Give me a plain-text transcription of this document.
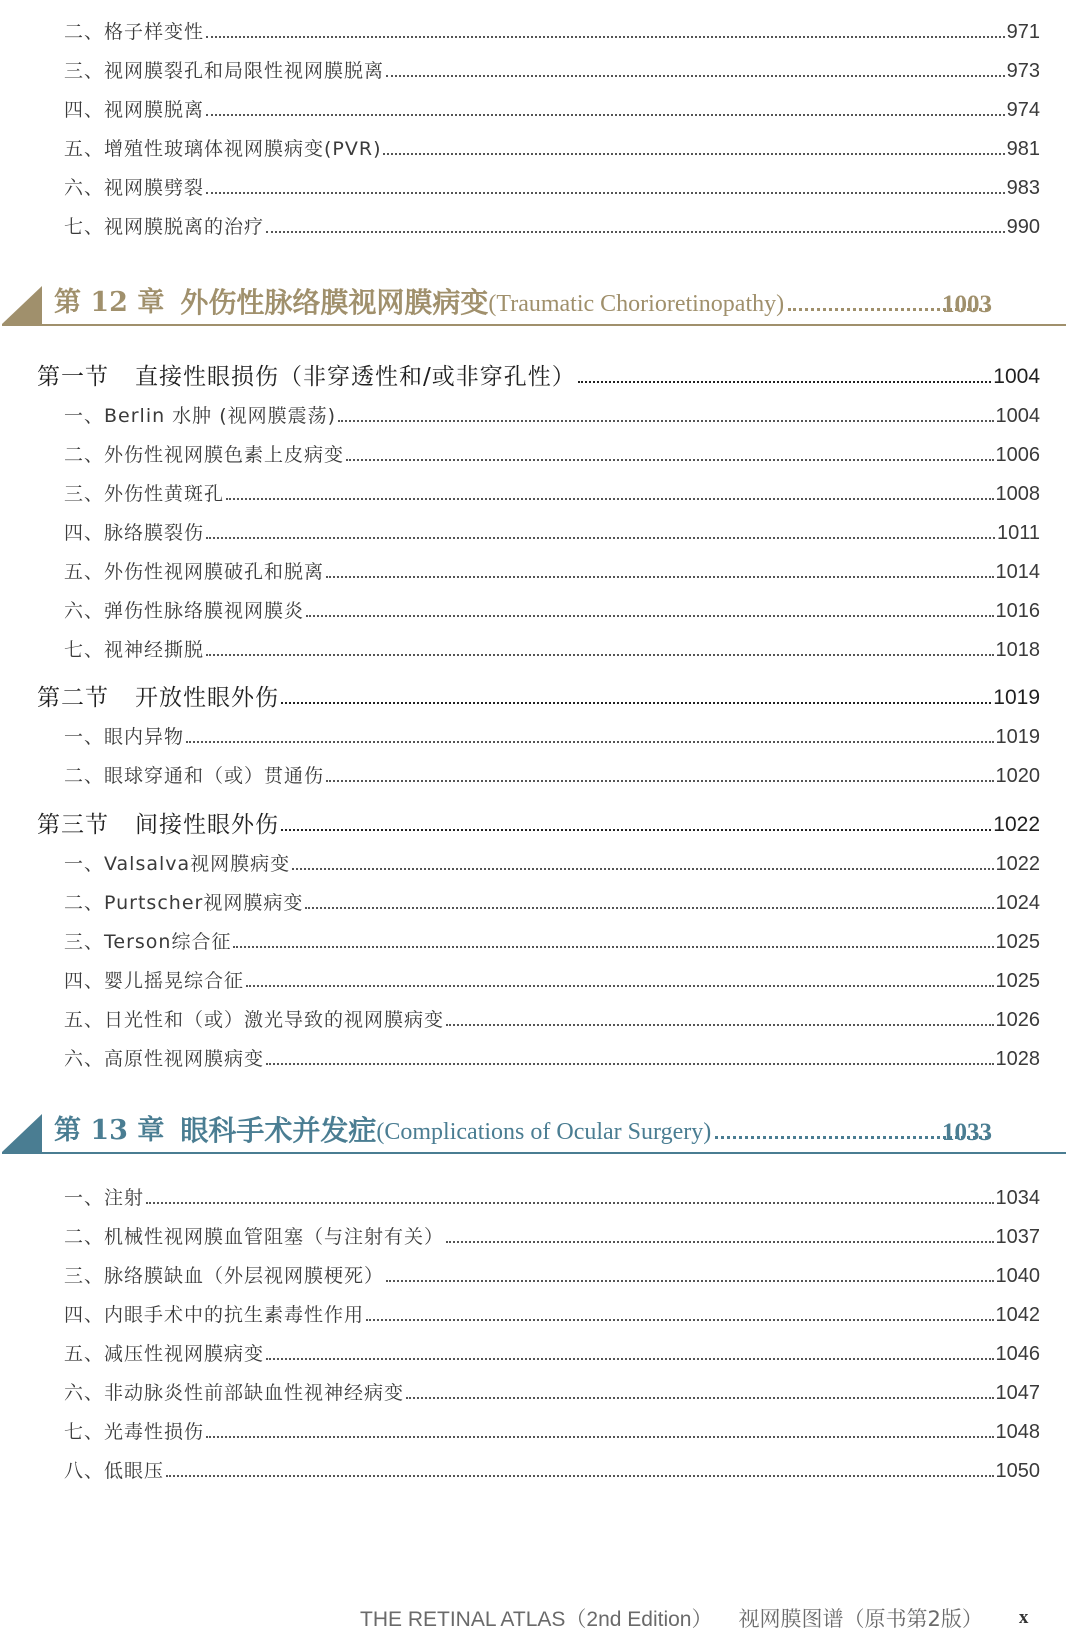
二、格子样变性	971
三、视网膜裂孔和局限性视网膜脱离	973
四、视网膜脱离	974
五、增殖性玻璃体视网膜病变(PVR)	981
六、视网膜劈裂	983
七、视网膜脱离的治疗	990
第 12 章 外伤性脉络膜视网膜病变 (Traumatic Chorioretinopathy)	1003
第一节 直接性眼损伤（非穿透性和/或非穿孔性）	1004
一、Berlin 水肿 (视网膜震荡)	1004
二、外伤性视网膜色素上皮病变	1006
三、外伤性黄斑孔	1008
四、脉络膜裂伤	1011
五、外伤性视网膜破孔和脱离	1014
六、弹伤性脉络膜视网膜炎	1016
七、视神经撕脱	1018
第二节 开放性眼外伤	1019
一、眼内异物	1019
二、眼球穿通和（或）贯通伤	1020
第三节 间接性眼外伤	1022
一、Valsalva视网膜病变	1022
二、Purtscher视网膜病变	1024
三、Terson综合征	1025
四、婴儿摇晃综合征	1025
五、日光性和（或）激光导致的视网膜病变	1026
六、高原性视网膜病变	1028
第 13 章 眼科手术并发症 (Complications of Ocular Surgery)	1033
一、注射	1034
二、机械性视网膜血管阻塞（与注射有关）	1037
三、脉络膜缺血（外层视网膜梗死）	1040
四、内眼手术中的抗生素毒性作用	1042
五、减压性视网膜病变	1046
六、非动脉炎性前部缺血性视神经病变	1047
七、光毒性损伤	1048
八、低眼压	1050
THE RETINAL ATLAS（2nd Edition） 视网膜图谱（原书第2版） x
